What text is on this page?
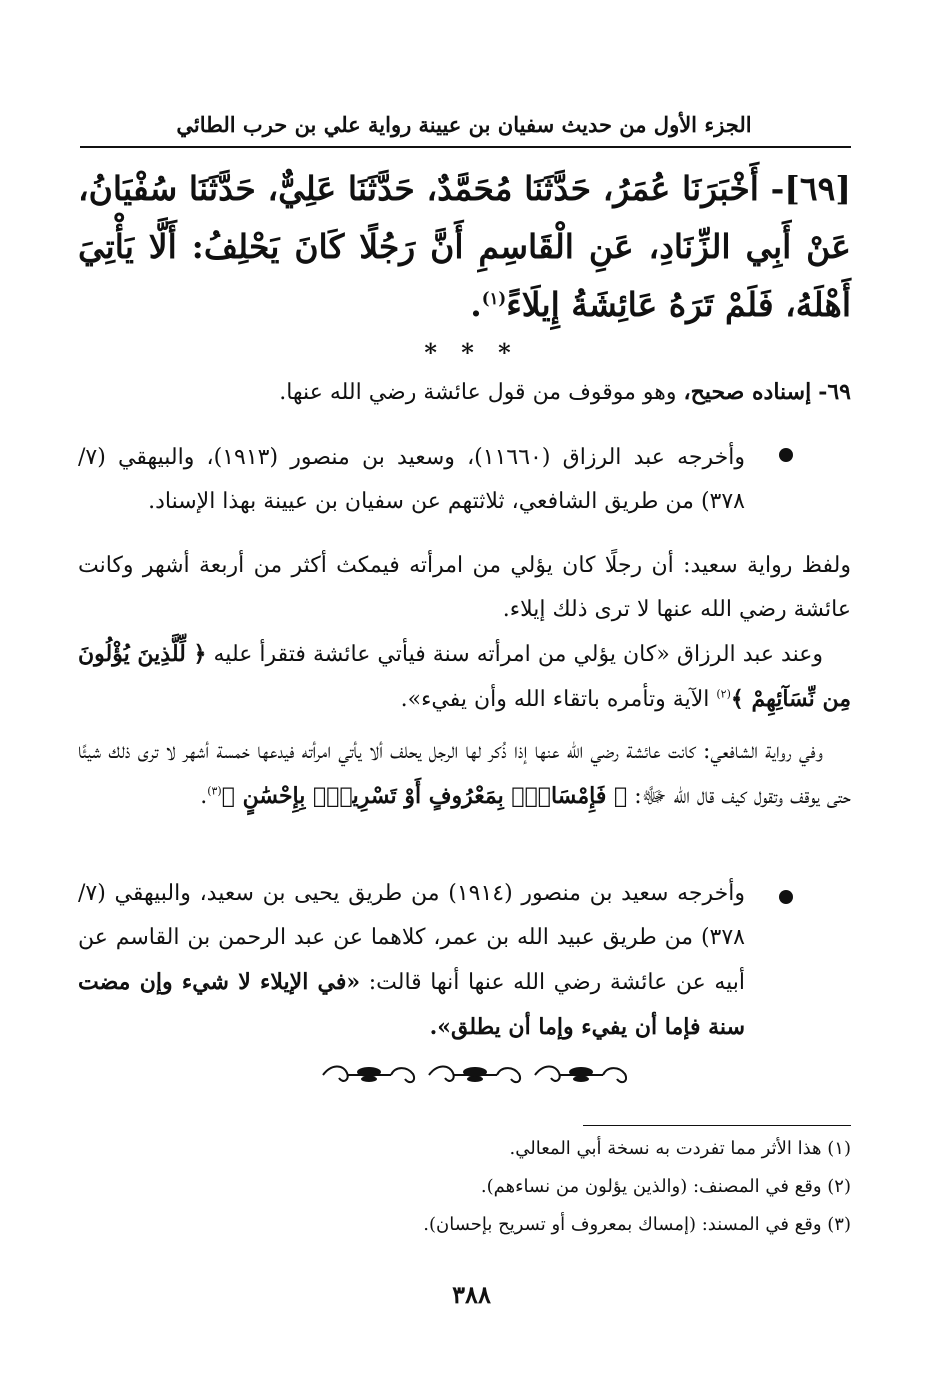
الجزء الأول من حديث سفيان بن عيينة رواية علي بن حرب الطائي
[٦٩]- أَخْبَرَنَا عُمَرُ، حَدَّثَنَا مُحَمَّدٌ، حَدَّثَنَا عَلِيٌّ، حَدَّثَنَا سُفْيَانُ، عَنْ أَبِي الزِّنَادِ، عَنِ الْقَاسِمِ أَنَّ رَجُلًا كَانَ يَحْلِفُ: أَلَّا يَأْتِيَ أَهْلَهُ، فَلَمْ تَرَهُ عَائِشَةُ إِيلَاءً$^{(١)}$.
* * *
٦٩- إسناده صحيح، وهو موقوف من قول عائشة رضي الله عنها.
وأخرجه عبد الرزاق (١١٦٦٠)، وسعيد بن منصور (١٩١٣)، والبيهقي (٧/ ٣٧٨) من طريق الشافعي، ثلاثتهم عن سفيان بن عيينة بهذا الإسناد.
ولفظ رواية سعيد: أن رجلًا كان يؤلي من امرأته فيمكث أكثر من أربعة أشهر وكانت عائشة رضي الله عنها لا ترى ذلك إيلاء.
وعند عبد الرزاق «كان يؤلي من امرأته سنة فيأتي عائشة فتقرأ عليه ﴿ لِّلَّذِينَ يُؤْلُونَ مِن نِّسَآئِهِمْ ﴾$^{(٢)}$ الآية وتأمره باتقاء الله وأن يفيء».
وفي رواية الشافعي: كانت عائشة رضي الله عنها إذا ذُكر لها الرجل يحلف ألا يأتي امرأته فيدعها خمسة أشهر لا ترى ذلك شيئًا حتى يوقف وتقول كيف قال الله ﷻ: ﴿ فَإِمْسَاكٌۢ بِمَعْرُوفٍ أَوْ تَسْرِيحٌۢ بِإِحْسَٰنٍ ﴾$^{(٣)}$.
وأخرجه سعيد بن منصور (١٩١٤) من طريق يحيى بن سعيد، والبيهقي (٧/ ٣٧٨) من طريق عبيد الله بن عمر، كلاهما عن عبد الرحمن بن القاسم عن أبيه عن عائشة رضي الله عنها أنها قالت: «في الإيلاء لا شيء وإن مضت سنة فإما أن يفيء وإما أن يطلق».
(١) هذا الأثر مما تفردت به نسخة أبي المعالي.
(٢) وقع في المصنف: (والذين يؤلون من نساءهم).
(٣) وقع في المسند: (إمساك بمعروف أو تسريح بإحسان).
٣٨٨
